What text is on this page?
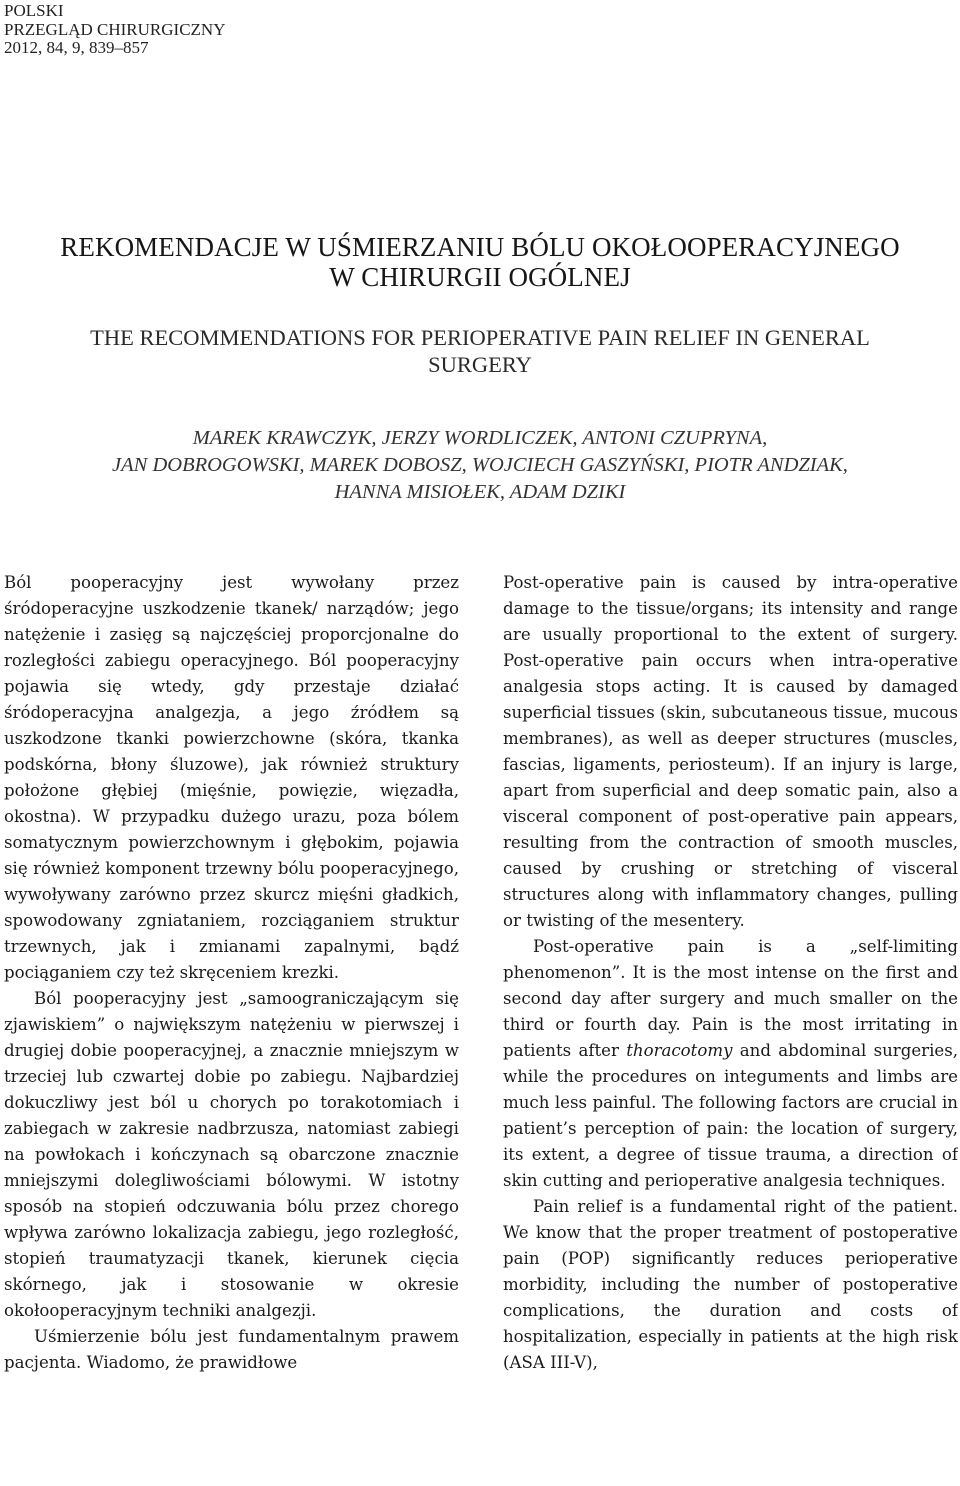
POLSKI
PRZEGLĄD CHIRURGICZNY
2012, 84, 9, 839–857
REKOMENDACJE W UŚMIERZANIU BÓLU OKOŁOOPERACYJNEGO
W CHIRURGII OGÓLNEJ
THE RECOMMENDATIONS FOR PERIOPERATIVE PAIN RELIEF IN GENERAL
SURGERY
MAREK KRAWCZYK, JERZY WORDLICZEK, ANTONI CZUPRYNA,
JAN DOBROGOWSKI, MAREK DOBOSZ, WOJCIECH GASZYŃSKI, PIOTR ANDZIAK,
HANNA MISIOŁEK, ADAM DZIKI

Ból pooperacyjny jest wywołany przez śródoperacyjne uszkodzenie tkanek/ narządów; jego natężenie i zasięg są najczęściej proporcjonalne do rozległości zabiegu operacyjnego. Ból pooperacyjny pojawia się wtedy, gdy przestaje działać śródoperacyjna analgezja, a jego źródłem są uszkodzone tkanki powierzchowne (skóra, tkanka podskórna, błony śluzowe), jak również struktury położone głębiej (mięśnie, powięzie, więzadła, okostna). W przypadku dużego urazu, poza bólem somatycznym powierzchownym i głębokim, pojawia się również komponent trzewny bólu pooperacyjnego, wywoływany zarówno przez skurcz mięśni gładkich, spowodowany zgniataniem, rozciąganiem struktur trzewnych, jak i zmianami zapalnymi, bądź pociąganiem czy też skręceniem krezki.

Ból pooperacyjny jest „samoograniczającym się zjawiskiem” o największym natężeniu w pierwszej i drugiej dobie pooperacyjnej, a znacznie mniejszym w trzeciej lub czwartej dobie po zabiegu. Najbardziej dokuczliwy jest ból u chorych po torakotomiach i zabiegach w zakresie nadbrzusza, natomiast zabiegi na powłokach i kończynach są obarczone znacznie mniejszymi dolegliwościami bólowymi. W istotny sposób na stopień odczuwania bólu przez chorego wpływa zarówno lokalizacja zabiegu, jego rozległość, stopień traumatyzacji tkanek, kierunek cięcia skórnego, jak i stosowanie w okresie okołooperacyjnym techniki analgezji.

Uśmierzenie bólu jest fundamentalnym prawem pacjenta. Wiadomo, że prawidłowe

Post-operative pain is caused by intra-operative damage to the tissue/organs; its intensity and range are usually proportional to the extent of surgery. Post-operative pain occurs when intra-operative analgesia stops acting. It is caused by damaged superficial tissues (skin, subcutaneous tissue, mucous membranes), as well as deeper structures (muscles, fascias, ligaments, periosteum). If an injury is large, apart from superficial and deep somatic pain, also a visceral component of post-operative pain appears, resulting from the contraction of smooth muscles, caused by crushing or stretching of visceral structures along with inflammatory changes, pulling or twisting of the mesentery.

Post-operative pain is a „self-limiting phenomenon”. It is the most intense on the first and second day after surgery and much smaller on the third or fourth day. Pain is the most irritating in patients after thoracotomy and abdominal surgeries, while the procedures on integuments and limbs are much less painful. The following factors are crucial in patient’s perception of pain: the location of surgery, its extent, a degree of tissue trauma, a direction of skin cutting and perioperative analgesia techniques.

Pain relief is a fundamental right of the patient. We know that the proper treatment of postoperative pain (POP) significantly reduces perioperative morbidity, including the number of postoperative complications, the duration and costs of hospitalization, especially in patients at the high risk (ASA III-V),
